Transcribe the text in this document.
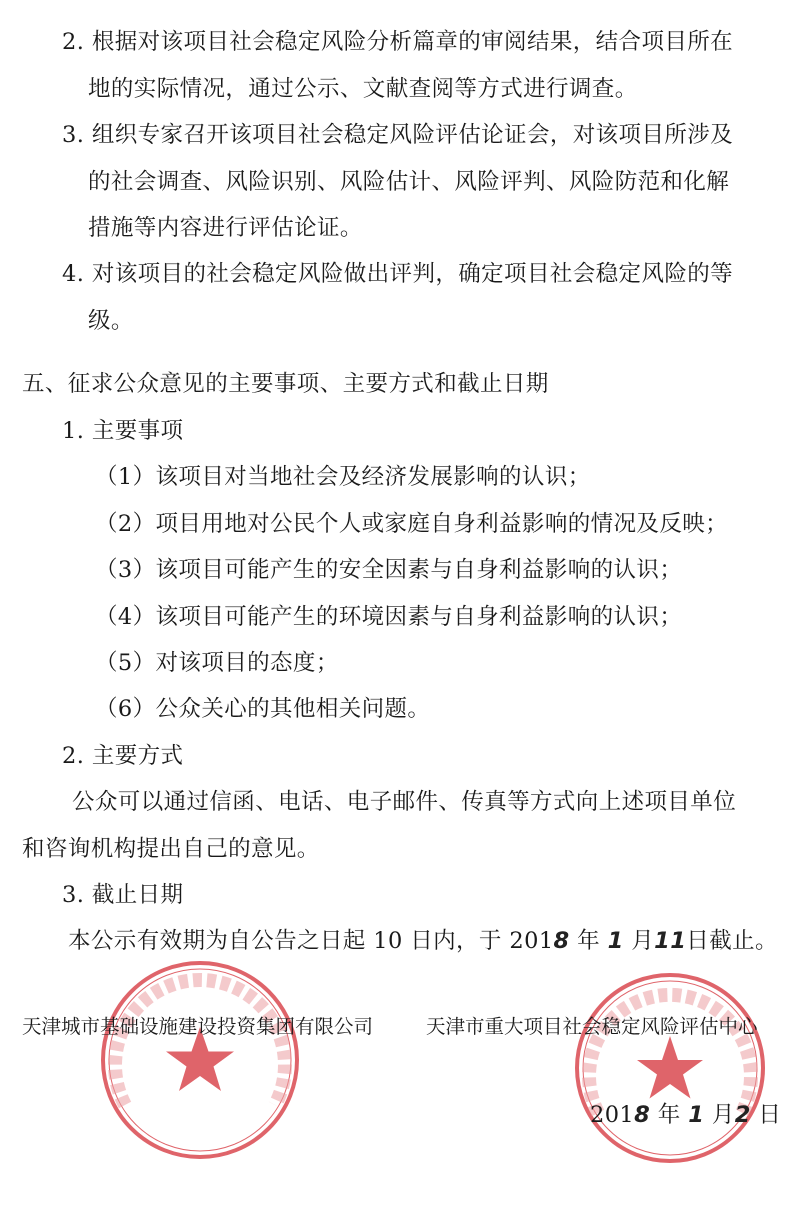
2. 根据对该项目社会稳定风险分析篇章的审阅结果，结合项目所在
地的实际情况，通过公示、文献查阅等方式进行调查。
3. 组织专家召开该项目社会稳定风险评估论证会，对该项目所涉及
的社会调查、风险识别、风险估计、风险评判、风险防范和化解
措施等内容进行评估论证。
4. 对该项目的社会稳定风险做出评判，确定项目社会稳定风险的等
级。
五、征求公众意见的主要事项、主要方式和截止日期
1. 主要事项
（1）该项目对当地社会及经济发展影响的认识；
（2）项目用地对公民个人或家庭自身利益影响的情况及反映；
（3）该项目可能产生的安全因素与自身利益影响的认识；
（4）该项目可能产生的环境因素与自身利益影响的认识；
（5）对该项目的态度；
（6）公众关心的其他相关问题。
2. 主要方式
公众可以通过信函、电话、电子邮件、传真等方式向上述项目单位
和咨询机构提出自己的意见。
3. 截止日期
本公示有效期为自公告之日起 10 日内，于 2018 年 1 月11日截止。
天津城市基础设施建设投资集团有限公司	天津市重大项目社会稳定风险评估中心
2018 年 1 月2 日
